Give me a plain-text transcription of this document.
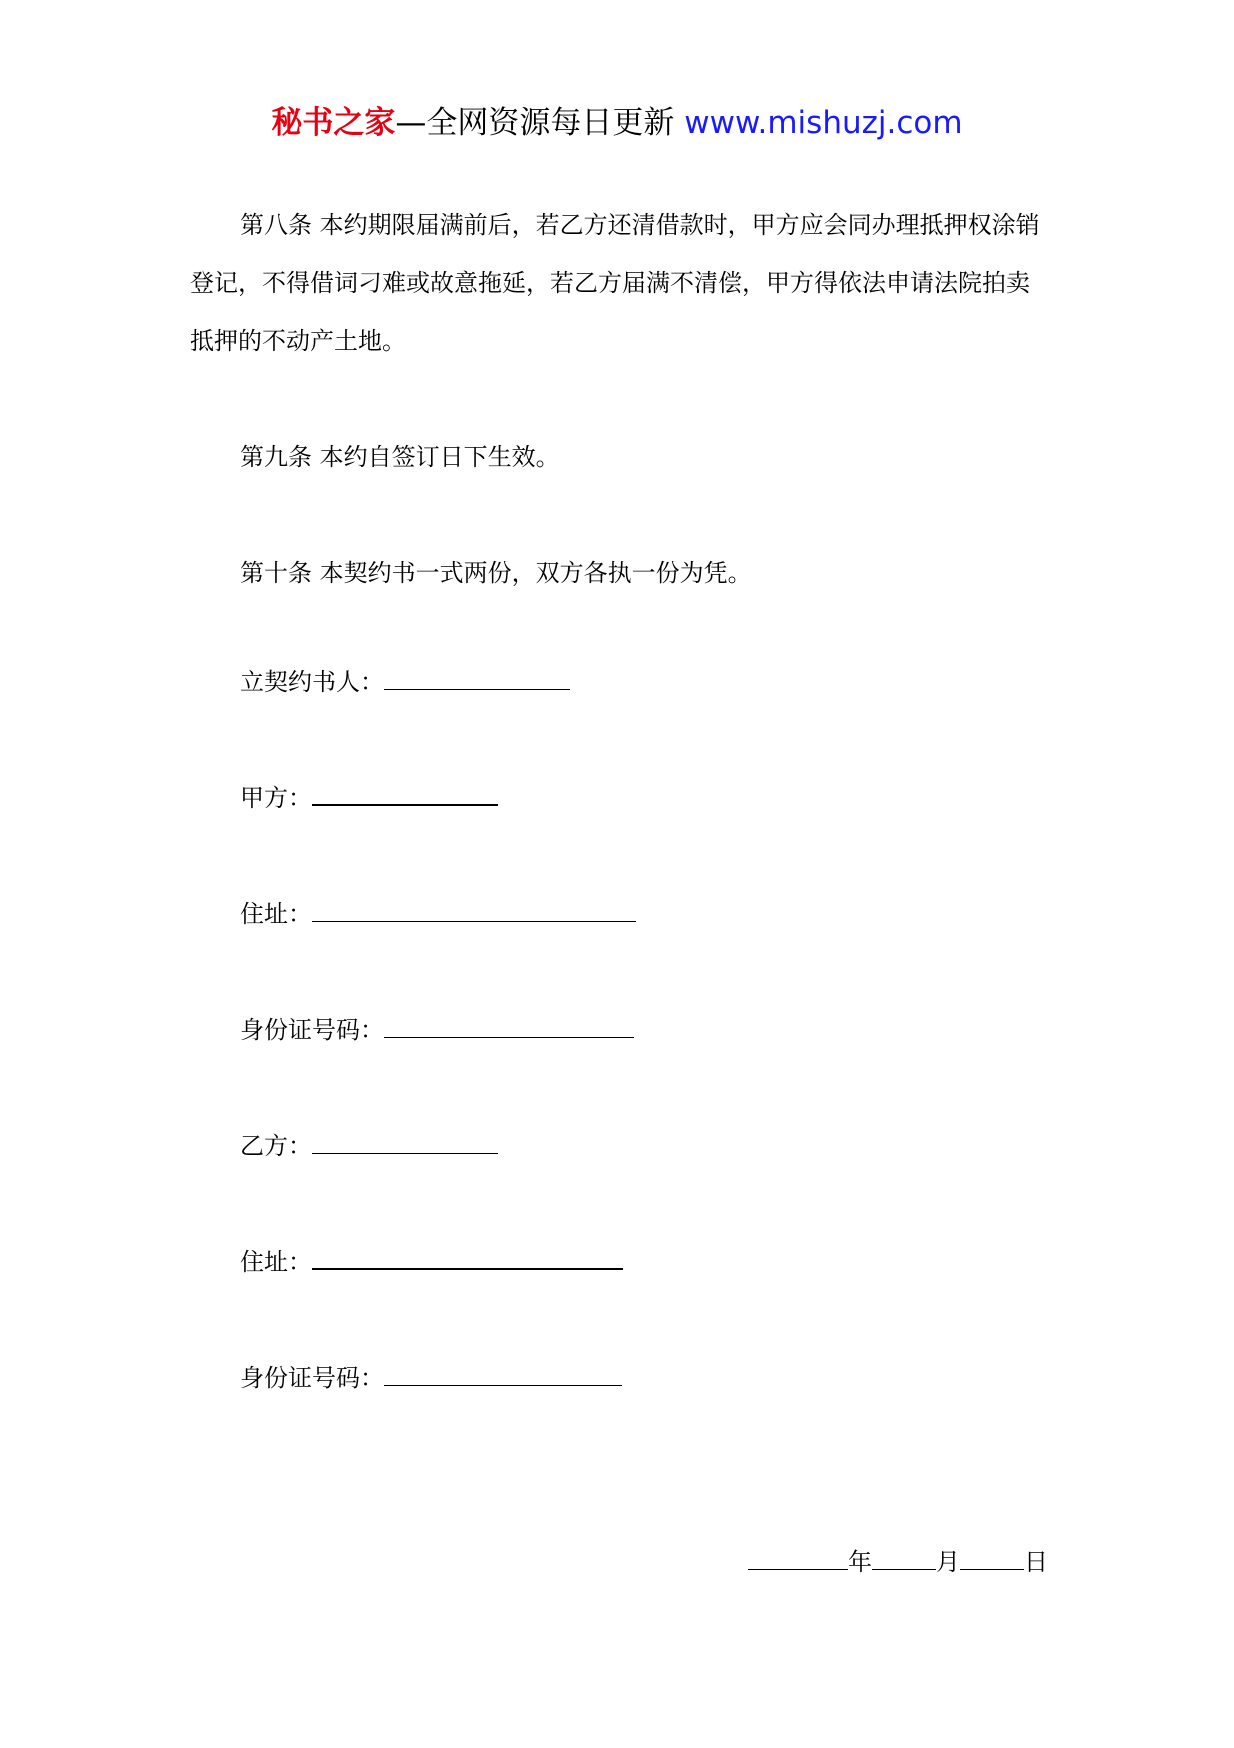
秘书之家—全网资源每日更新 www.mishuzj.com

第八条 本约期限届满前后，若乙方还清借款时，甲方应会同办理抵押权涂销登记，不得借词刁难或故意拖延，若乙方届满不清偿，甲方得依法申请法院拍卖抵押的不动产土地。

第九条 本约自签订日下生效。

第十条 本契约书一式两份，双方各执一份为凭。

立契约书人：
甲方：
住址：
身份证号码：
乙方：
住址：
身份证号码：
年	月	日
